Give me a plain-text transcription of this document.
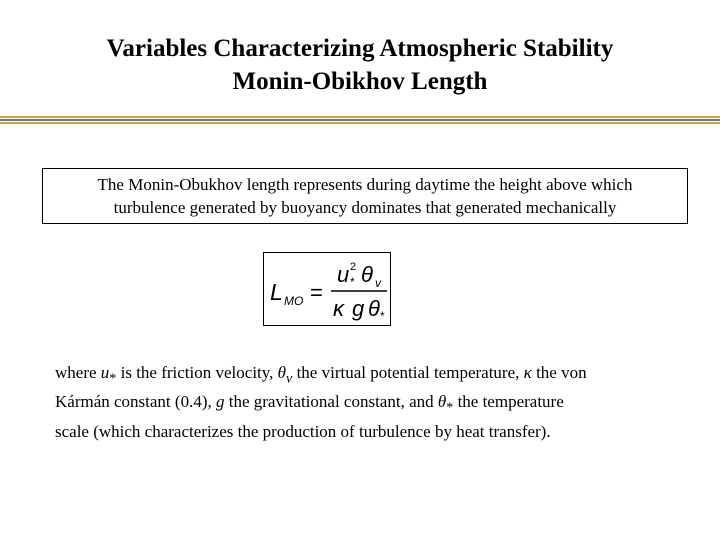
Variables Characterizing Atmospheric Stability
Monin-Obikhov Length
The Monin-Obukhov length represents during daytime the height above which
turbulence generated by buoyancy dominates that generated mechanically
L MO =
u 2
* θ v
κ g θ *
where $u_*$ is the friction velocity, $\theta_v$ the virtual potential temperature, κ the von
Kármán constant (0.4), g the gravitational constant, and $\theta_*$ the temperature
scale (which characterizes the production of turbulence by heat transfer).
